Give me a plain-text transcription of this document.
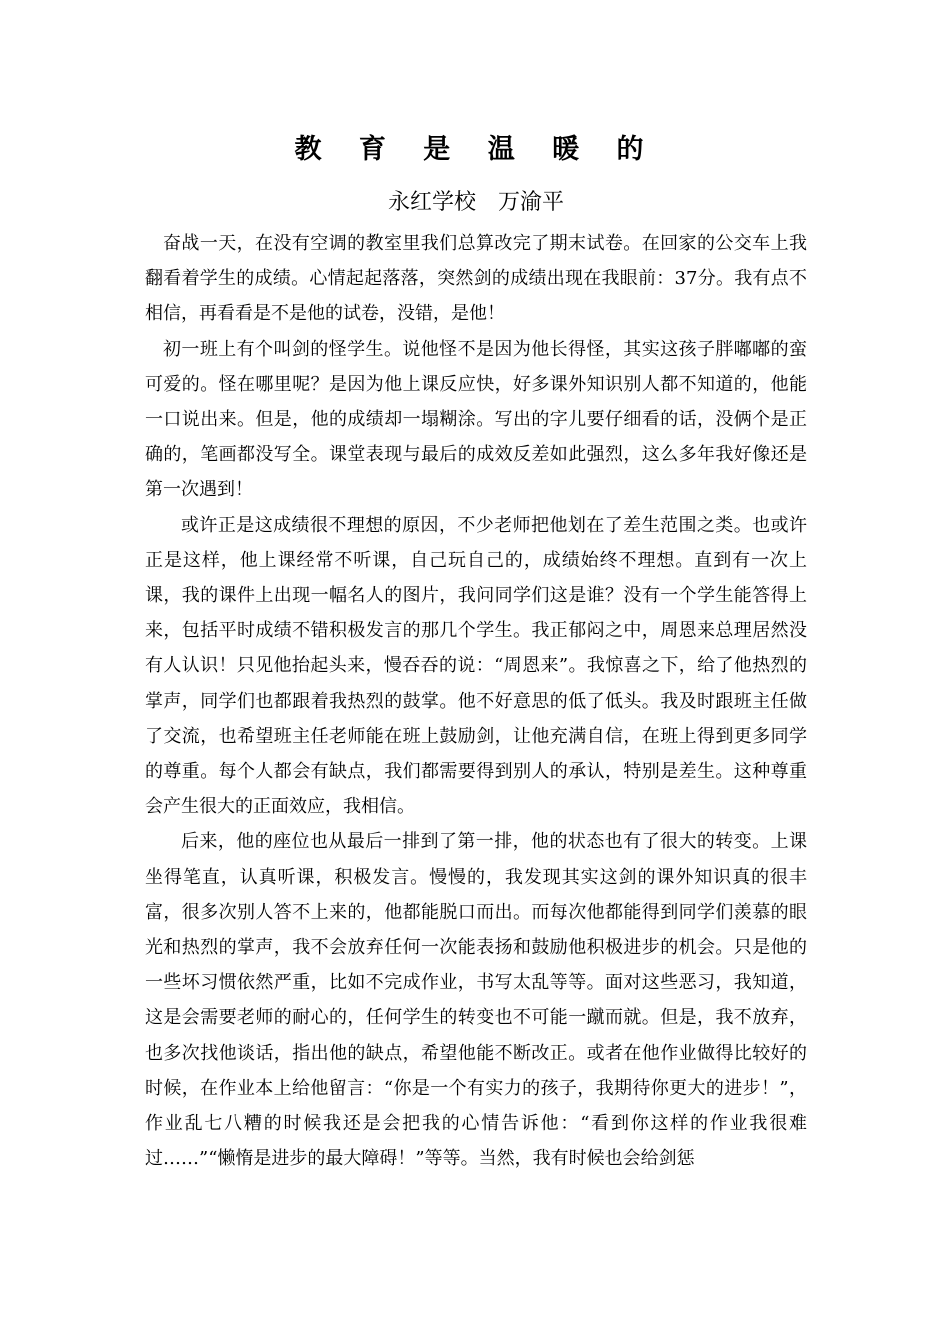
教 育 是 温 暖 的
永红学校　万渝平

奋战一天，在没有空调的教室里我们总算改完了期末试卷。在回家的公交车上我翻看着学生的成绩。心情起起落落，突然剑的成绩出现在我眼前：37分。我有点不相信，再看看是不是他的试卷，没错，是他！

初一班上有个叫剑的怪学生。说他怪不是因为他长得怪，其实这孩子胖嘟嘟的蛮可爱的。怪在哪里呢？是因为他上课反应快，好多课外知识别人都不知道的，他能一口说出来。但是，他的成绩却一塌糊涂。写出的字儿要仔细看的话，没俩个是正确的，笔画都没写全。课堂表现与最后的成效反差如此强烈，这么多年我好像还是第一次遇到！

或许正是这成绩很不理想的原因，不少老师把他划在了差生范围之类。也或许正是这样，他上课经常不听课，自己玩自己的，成绩始终不理想。直到有一次上课，我的课件上出现一幅名人的图片，我问同学们这是谁？没有一个学生能答得上来，包括平时成绩不错积极发言的那几个学生。我正郁闷之中，周恩来总理居然没有人认识！只见他抬起头来，慢吞吞的说：“周恩来”。我惊喜之下，给了他热烈的掌声，同学们也都跟着我热烈的鼓掌。他不好意思的低了低头。我及时跟班主任做了交流，也希望班主任老师能在班上鼓励剑，让他充满自信，在班上得到更多同学的尊重。每个人都会有缺点，我们都需要得到别人的承认，特别是差生。这种尊重会产生很大的正面效应，我相信。

后来，他的座位也从最后一排到了第一排，他的状态也有了很大的转变。上课坐得笔直，认真听课，积极发言。慢慢的，我发现其实这剑的课外知识真的很丰富，很多次别人答不上来的，他都能脱口而出。而每次他都能得到同学们羡慕的眼光和热烈的掌声，我不会放弃任何一次能表扬和鼓励他积极进步的机会。只是他的一些坏习惯依然严重，比如不完成作业，书写太乱等等。面对这些恶习，我知道，这是会需要老师的耐心的，任何学生的转变也不可能一蹴而就。但是，我不放弃，也多次找他谈话，指出他的缺点，希望他能不断改正。或者在他作业做得比较好的时候，在作业本上给他留言：“你是一个有实力的孩子，我期待你更大的进步！”，作业乱七八糟的时候我还是会把我的心情告诉他：“看到你这样的作业我很难过……”“懒惰是进步的最大障碍！”等等。当然，我有时候也会给剑惩
